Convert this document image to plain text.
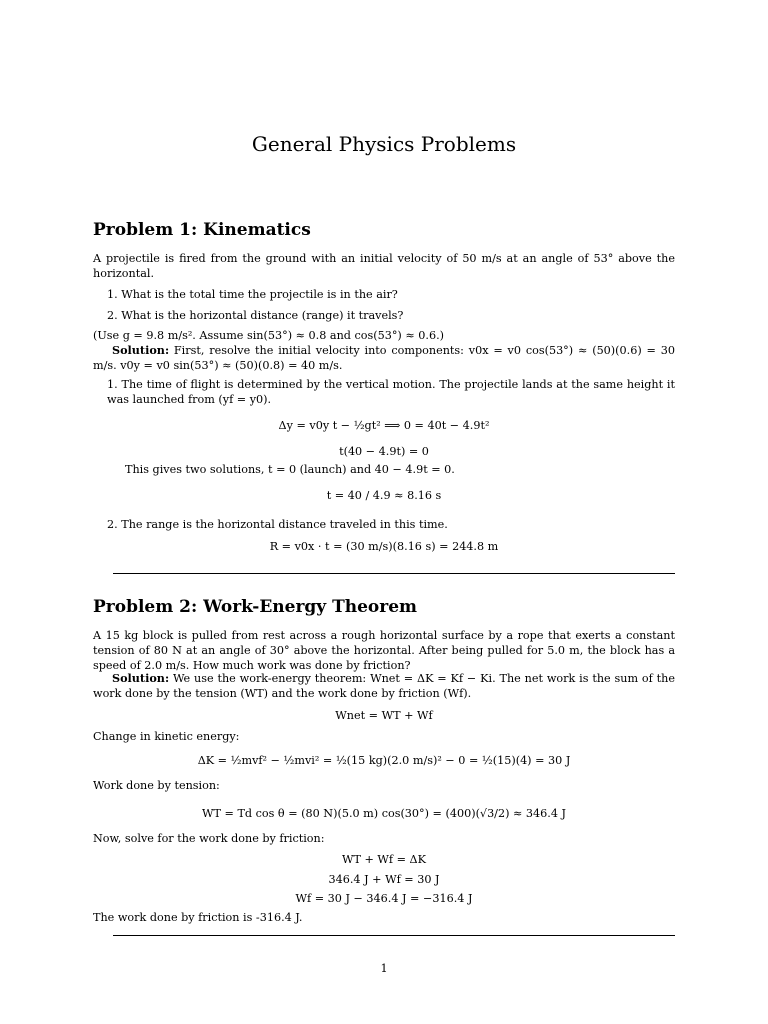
General Physics Problems
Problem 1: Kinematics
A projectile is fired from the ground with an initial velocity of 50 m/s at an angle of 53° above the horizontal.
1. What is the total time the projectile is in the air?
2. What is the horizontal distance (range) it travels?
(Use g = 9.8 m/s². Assume sin(53°) ≈ 0.8 and cos(53°) ≈ 0.6.)
Solution: First, resolve the initial velocity into components: v0x = v0 cos(53°) ≈ (50)(0.6) = 30 m/s. v0y = v0 sin(53°) ≈ (50)(0.8) = 40 m/s.
1. The time of flight is determined by the vertical motion. The projectile lands at the same height it was launched from (yf = y0).
Δy = v0y t − ½gt² ⟹ 0 = 40t − 4.9t²
t(40 − 4.9t) = 0
This gives two solutions, t = 0 (launch) and 40 − 4.9t = 0.
t = 40 / 4.9 ≈ 8.16 s
2. The range is the horizontal distance traveled in this time.
R = v0x · t = (30 m/s)(8.16 s) = 244.8 m
Problem 2: Work-Energy Theorem
A 15 kg block is pulled from rest across a rough horizontal surface by a rope that exerts a constant tension of 80 N at an angle of 30° above the horizontal. After being pulled for 5.0 m, the block has a speed of 2.0 m/s. How much work was done by friction?
Solution: We use the work-energy theorem: Wnet = ΔK = Kf − Ki. The net work is the sum of the work done by the tension (WT) and the work done by friction (Wf).
Wnet = WT + Wf
Change in kinetic energy:
ΔK = ½mvf² − ½mvi² = ½(15 kg)(2.0 m/s)² − 0 = ½(15)(4) = 30 J
Work done by tension:
WT = Td cos θ = (80 N)(5.0 m) cos(30°) = (400)(√3/2) ≈ 346.4 J
Now, solve for the work done by friction:
WT + Wf = ΔK
346.4 J + Wf = 30 J
Wf = 30 J − 346.4 J = −316.4 J
The work done by friction is -316.4 J.
1
